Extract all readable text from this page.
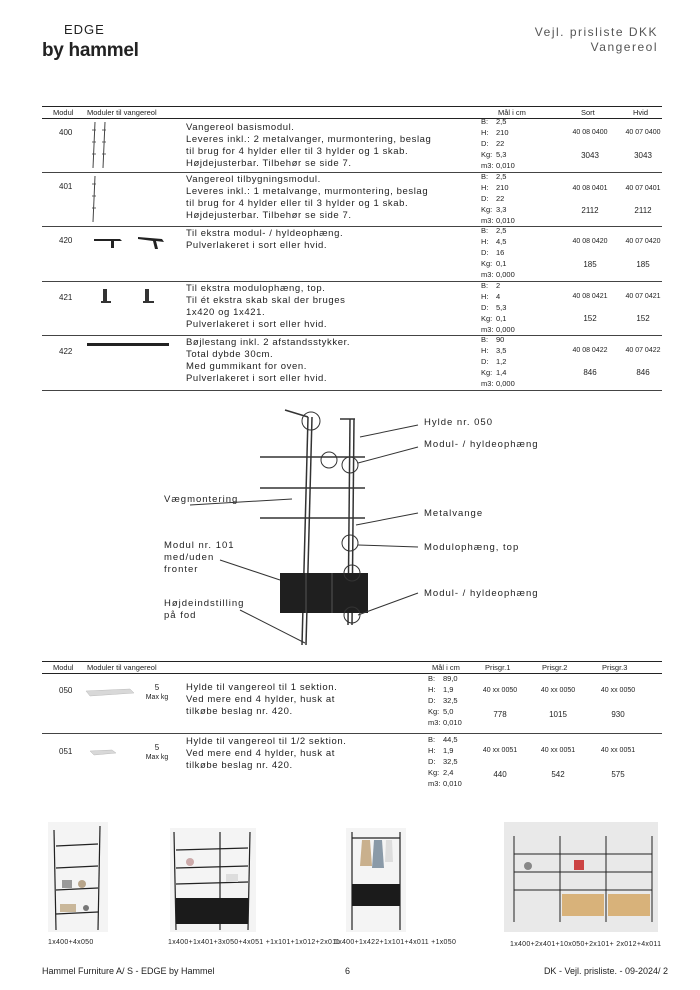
EDGE
by hammel
Vejl. prisliste DKK
Vangereol
Modul Moduler til vangereol	Mål i cm	Sort	Hvid
400	Vangereol basismodul.
Leveres inkl.: 2 metalvanger, murmontering, beslag
til brug for 4 hylder eller til 3 hylder og 1 skab.
Højdejusterbar. Tilbehør se side 7.
B: 2,5
H: 210
D: 22
Kg: 5,3
m3: 0,010
40 08 0400	40 07 0400
3043	3043
401
Vangereol tilbygningsmodul.
Leveres inkl.: 1 metalvange, murmontering, beslag
til brug for 4 hylder eller til 3 hylder og 1 skab.
Højdejusterbar. Tilbehør se side 7.
B: 2,5
H: 210
D: 22
Kg: 3,3
m3: 0,010
40 08 0401	40 07 0401
2112	2112
420
Til ekstra modul- / hyldeophæng.
Pulverlakeret i sort eller hvid.
B: 2,5
H: 4,5
D: 16
Kg: 0,1
m3: 0,000
40 08 0420	40 07 0420
185	185
421
Til ekstra modulophæng, top.
Til ét ekstra skab skal der bruges
1x420 og 1x421.
Pulverlakeret i sort eller hvid.
B: 2
H: 4
D: 5,3
Kg: 0,1
m3: 0,000
40 08 0421	40 07 0421
152	152
422
Bøjlestang inkl. 2 afstandsstykker.
Total dybde 30cm.
Med gummikant for oven.
Pulverlakeret i sort eller hvid.
B: 90
H: 3,5
D: 1,2
Kg: 1,4
m3: 0,000
40 08 0422	40 07 0422
846	846
Hylde nr. 050
Modul- / hyldeophæng
Vægmontering
Metalvange
Modul nr. 101
med/uden
fronter
Modulophæng, top
Modul- / hyldeophæng
Højdeindstilling
på fod
Modul Moduler til vangereol	Mål i cm	Prisgr.1	Prisgr.2	Prisgr.3
050	5
Max kg
Hylde til vangereol til 1 sektion.
Ved mere end 4 hylder, husk at
tilkøbe beslag nr. 420.
B: 89,0
H: 1,9
D: 32,5
Kg: 5,0
m3: 0,010
40 xx 0050	40 xx 0050	40 xx 0050
778	1015	930
051	5
Max kg
Hylde til vangereol til 1/2 sektion.
Ved mere end 4 hylder, husk at
tilkøbe beslag nr. 420.
B: 44,5
H: 1,9
D: 32,5
Kg: 2,4
m3: 0,010
40 xx 0051	40 xx 0051	40 xx 0051
440	542	575
1x400+4x050	1x400+1x401+3x050+4x051 +1x101+1x012+2x011
1x400+1x422+1x101+4x011 +1x050	1x400+2x401+10x050+2x101+ 2x012+4x011
Hammel Furniture A/ S - EDGE by Hammel	6	DK - Vejl. prisliste. - 09-2024/ 2
